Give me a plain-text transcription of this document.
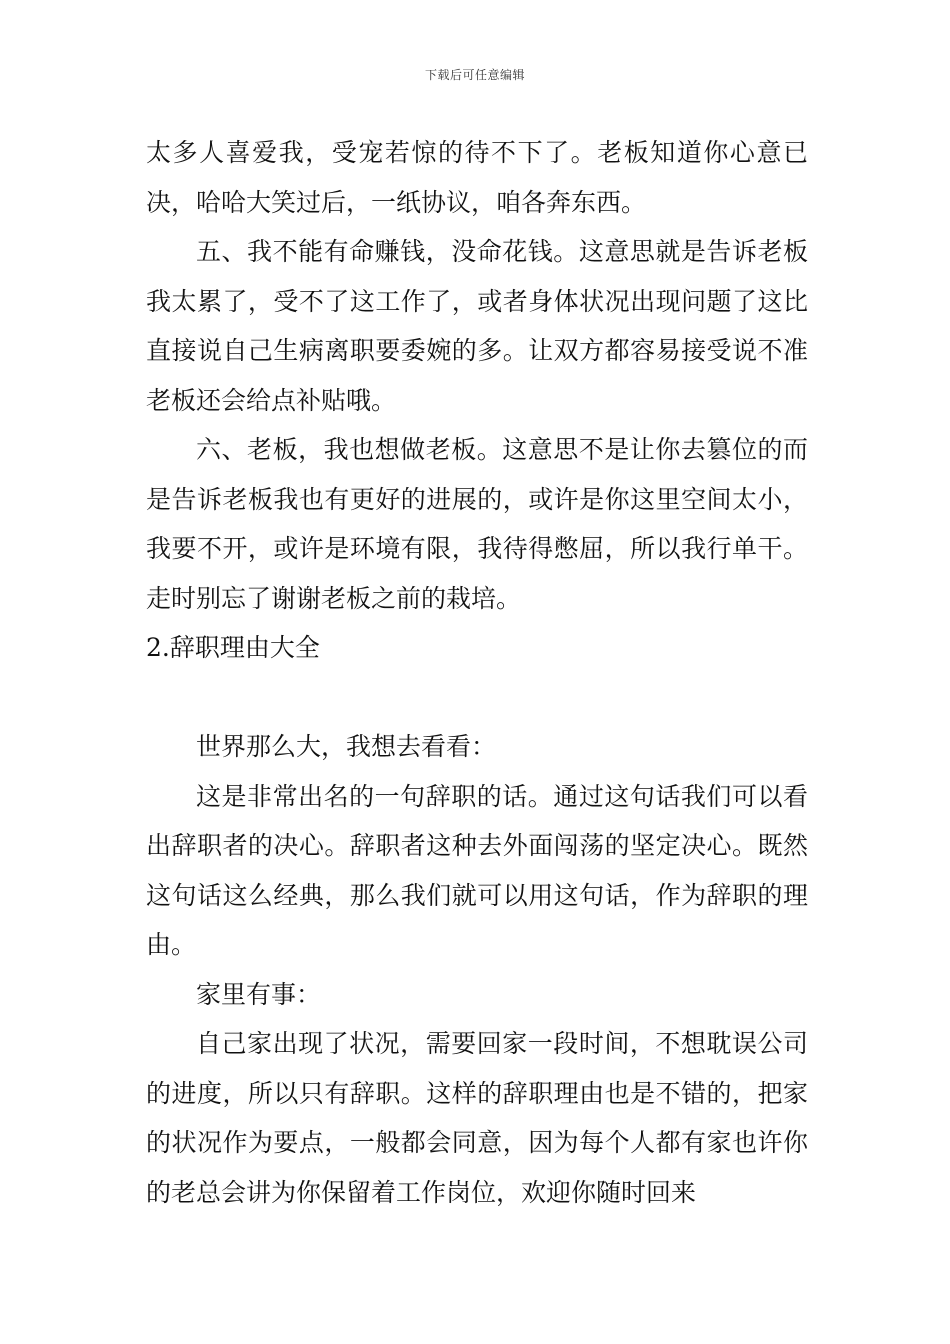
下载后可任意编辑

太多人喜爱我，受宠若惊的待不下了。老板知道你心意已决，哈哈大笑过后，一纸协议，咱各奔东西。

五、我不能有命赚钱，没命花钱。这意思就是告诉老板我太累了，受不了这工作了，或者身体状况出现问题了这比直接说自己生病离职要委婉的多。让双方都容易接受说不准老板还会给点补贴哦。

六、老板，我也想做老板。这意思不是让你去篡位的而是告诉老板我也有更好的进展的，或许是你这里空间太小，我要不开，或许是环境有限，我待得憋屈，所以我行单干。走时别忘了谢谢老板之前的栽培。

2.辞职理由大全

世界那么大，我想去看看：

这是非常出名的一句辞职的话。通过这句话我们可以看出辞职者的决心。辞职者这种去外面闯荡的坚定决心。既然这句话这么经典，那么我们就可以用这句话，作为辞职的理由。

家里有事：

自己家出现了状况，需要回家一段时间，不想耽误公司的进度，所以只有辞职。这样的辞职理由也是不错的，把家的状况作为要点，一般都会同意，因为每个人都有家也许你的老总会讲为你保留着工作岗位，欢迎你随时回来
